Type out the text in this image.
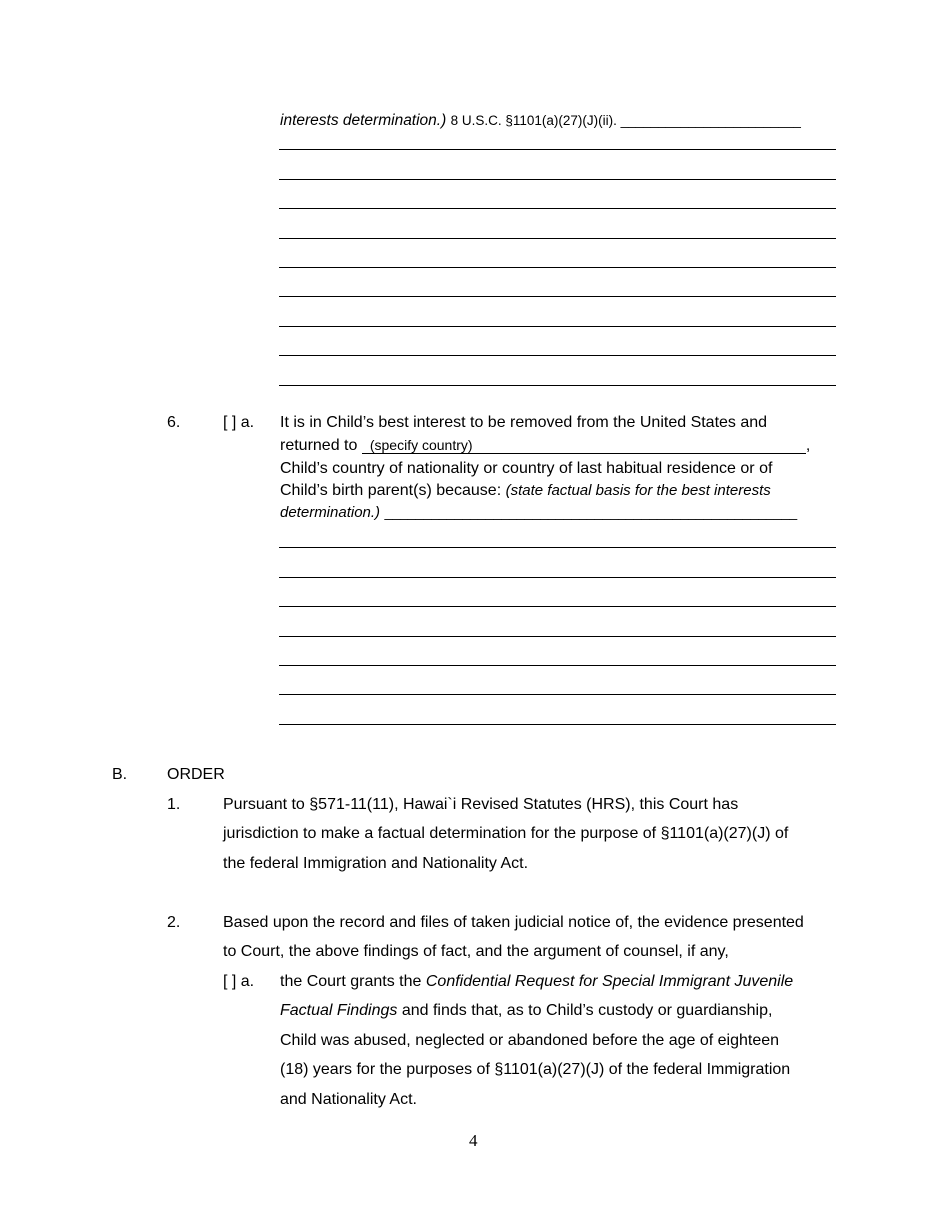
interests determination.) 8 U.S.C. §1101(a)(27)(J)(ii). ________________________
6.	[ ] a. It is in Child’s best interest to be removed from the United States and
returned to (specify country)	,
Child’s country of nationality or country of last habitual residence or of
Child’s birth parent(s) because: (state factual basis for the best interests
determination.) _____________________________________________________
B. ORDER
1.	Pursuant to §571-11(11), Hawai`i Revised Statutes (HRS), this Court has
jurisdiction to make a factual determination for the purpose of §1101(a)(27)(J) of
the federal Immigration and Nationality Act.
2.	Based upon the record and files of taken judicial notice of, the evidence presented
to Court, the above findings of fact, and the argument of counsel, if any,
[ ] a. the Court grants the Confidential Request for Special Immigrant Juvenile
Factual Findings and finds that, as to Child’s custody or guardianship,
Child was abused, neglected or abandoned before the age of eighteen
(18) years for the purposes of §1101(a)(27)(J) of the federal Immigration
and Nationality Act.
4
